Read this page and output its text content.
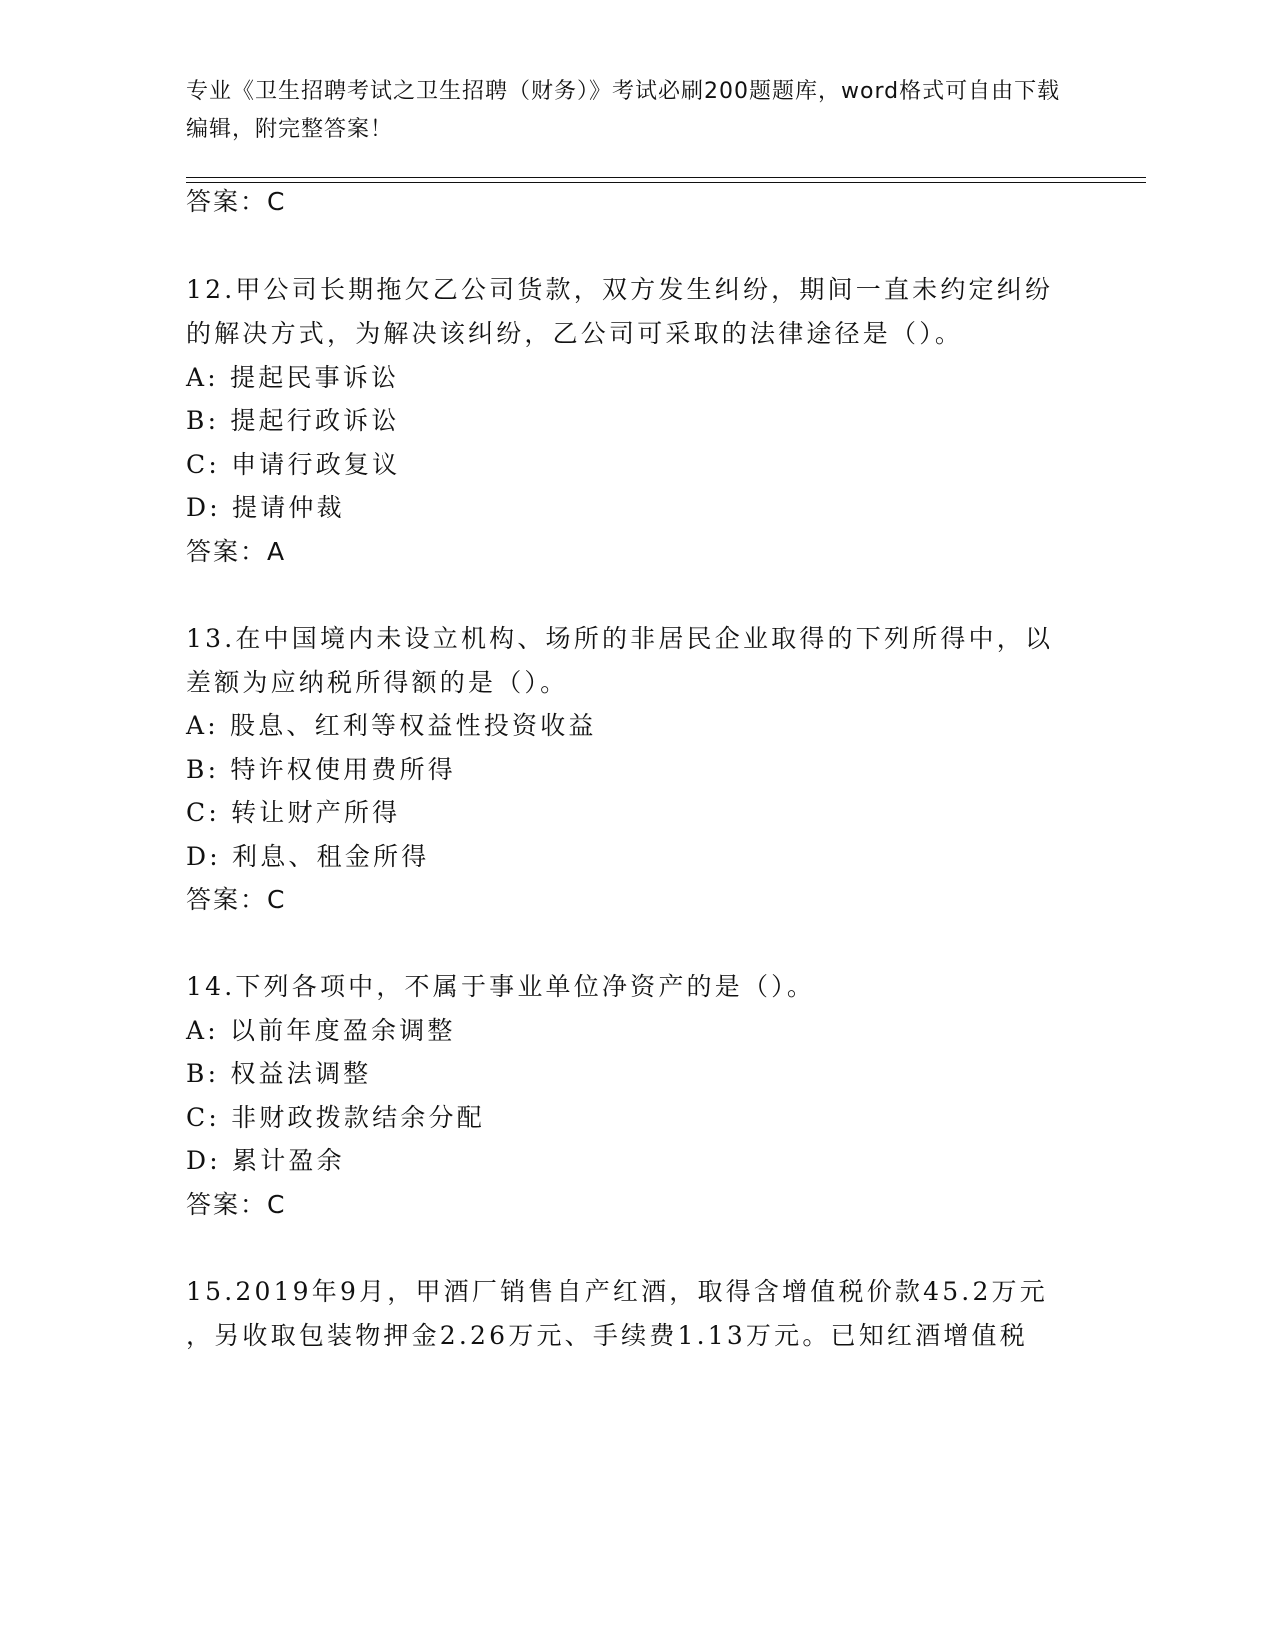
专业《卫生招聘考试之卫生招聘（财务）》考试必刷200题题库，word格式可自由下载编辑，附完整答案！
答案：C
12.甲公司长期拖欠乙公司货款，双方发生纠纷，期间一直未约定纠纷
的解决方式，为解决该纠纷，乙公司可采取的法律途径是（）。
A: 提起民事诉讼
B: 提起行政诉讼
C: 申请行政复议
D: 提请仲裁
答案：A
13.在中国境内未设立机构、场所的非居民企业取得的下列所得中，以
差额为应纳税所得额的是（）。
A: 股息、红利等权益性投资收益
B: 特许权使用费所得
C: 转让财产所得
D: 利息、租金所得
答案：C
14.下列各项中，不属于事业单位净资产的是（）。
A: 以前年度盈余调整
B: 权益法调整
C: 非财政拨款结余分配
D: 累计盈余
答案：C
15.2019年9月，甲酒厂销售自产红酒，取得含增值税价款45.2万元
，另收取包装物押金2.26万元、手续费1.13万元。已知红酒增值税
